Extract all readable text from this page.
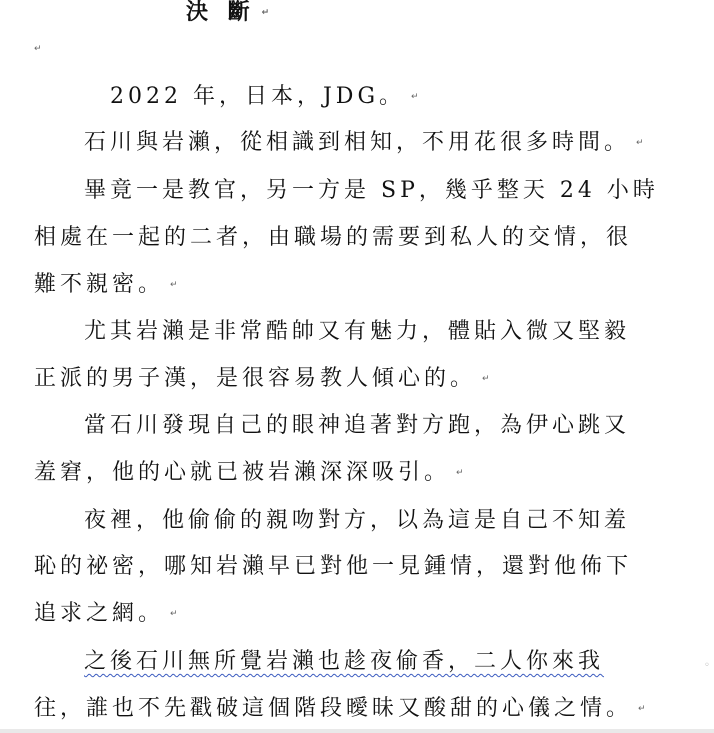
決 斷 ↵
↵
2022 年，日本，JDG。 ↵
石川與岩瀨，從相識到相知，不用花很多時間。 ↵
畢竟一是教官，另一方是 SP，幾乎整天 24 小時
相處在一起的二者，由職場的需要到私人的交情，很
難不親密。 ↵
尤其岩瀨是非常酷帥又有魅力，體貼入微又堅毅
正派的男子漢，是很容易教人傾心的。 ↵
當石川發現自己的眼神追著對方跑，為伊心跳又
羞窘，他的心就已被岩瀨深深吸引。 ↵
夜裡，他偷偷的親吻對方，以為這是自己不知羞
恥的祕密，哪知岩瀨早已對他一見鍾情，還對他佈下
追求之網。 ↵
之後石川無所覺岩瀨也趁夜偷香，二人你來我
往，誰也不先戳破這個階段曖昧又酸甜的心儀之情。 ↵
◦
